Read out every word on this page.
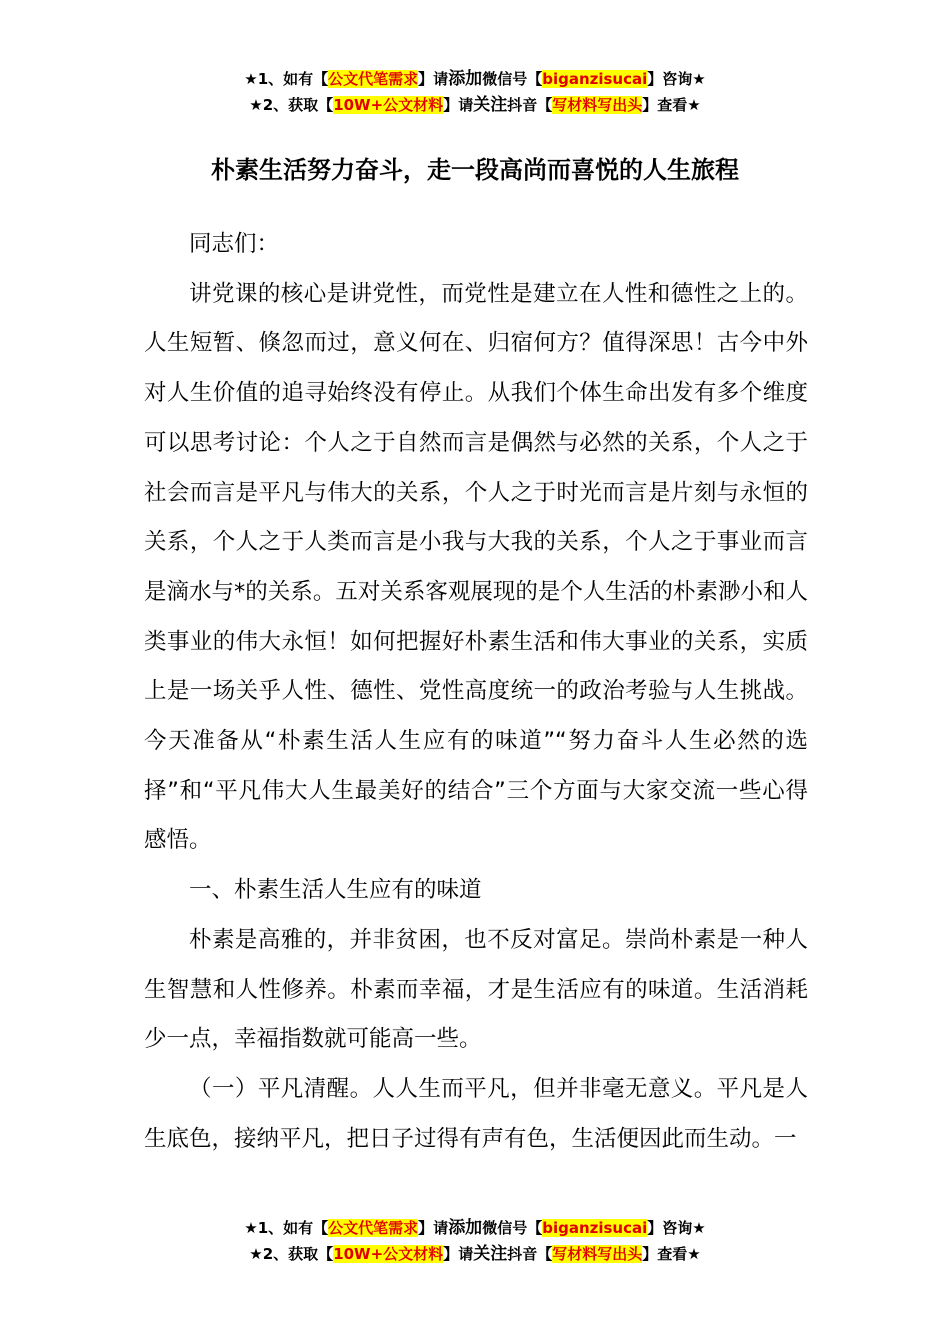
★1、如有【公文代笔需求】请添加微信号【biganzisucai】咨询★
★2、获取【10W+公文材料】请关注抖音【写材料写出头】查看★
朴素生活努力奋斗，走一段高尚而喜悦的人生旅程

同志们：

讲党课的核心是讲党性，而党性是建立在人性和德性之上的。人生短暂、倏忽而过，意义何在、归宿何方？值得深思！古今中外对人生价值的追寻始终没有停止。从我们个体生命出发有多个维度可以思考讨论：个人之于自然而言是偶然与必然的关系，个人之于社会而言是平凡与伟大的关系，个人之于时光而言是片刻与永恒的关系，个人之于人类而言是小我与大我的关系，个人之于事业而言是滴水与*的关系。五对关系客观展现的是个人生活的朴素渺小和人类事业的伟大永恒！如何把握好朴素生活和伟大事业的关系，实质上是一场关乎人性、德性、党性高度统一的政治考验与人生挑战。今天准备从“朴素生活人生应有的味道”“努力奋斗人生必然的选择”和“平凡伟大人生最美好的结合”三个方面与大家交流一些心得感悟。

一、朴素生活人生应有的味道

朴素是高雅的，并非贫困，也不反对富足。崇尚朴素是一种人生智慧和人性修养。朴素而幸福，才是生活应有的味道。生活消耗少一点，幸福指数就可能高一些。

（一）平凡清醒。人人生而平凡，但并非毫无意义。平凡是人生底色，接纳平凡，把日子过得有声有色，生活便因此而生动。一

★1、如有【公文代笔需求】请添加微信号【biganzisucai】咨询★
★2、获取【10W+公文材料】请关注抖音【写材料写出头】查看★
